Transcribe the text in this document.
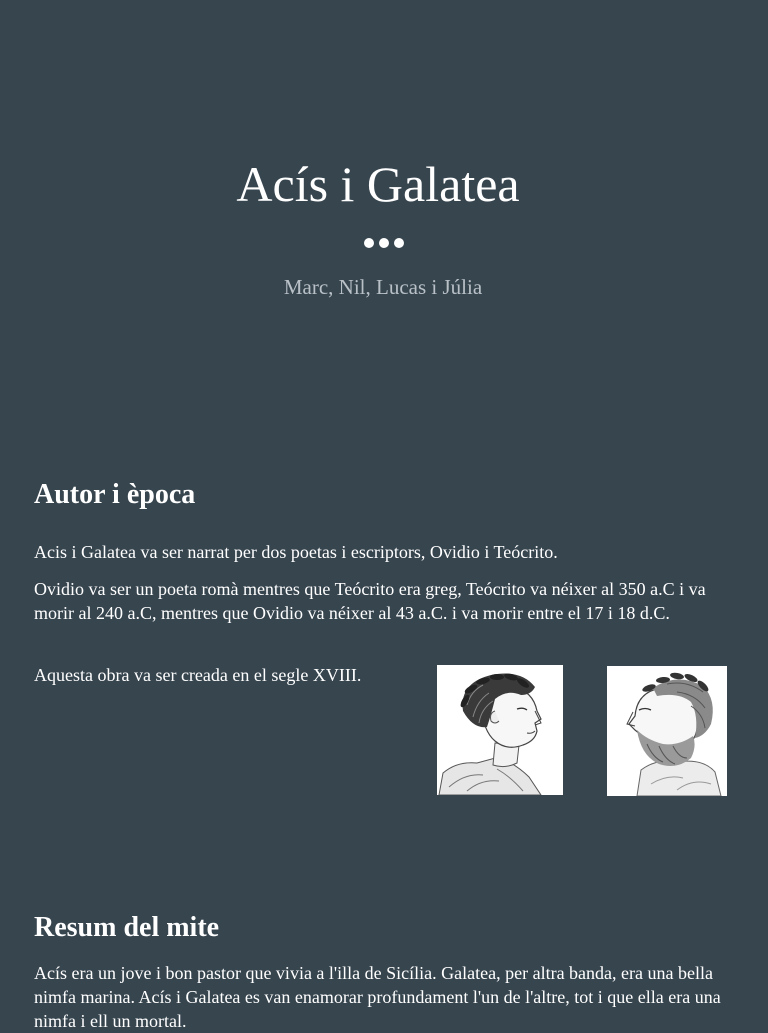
Acís i Galatea
Marc, Nil, Lucas i Júlia
Autor i època

Acis i Galatea va ser narrat per dos poetas i escriptors, Ovidio i Teócrito.

Ovidio va ser un poeta romà mentres que Teócrito era greg, Teócrito va néixer al 350 a.C i va morir al 240 a.C, mentres que Ovidio va néixer al 43 a.C. i va morir entre el 17 i 18 d.C.

Aquesta obra va ser creada en el segle XVIII.

Resum del mite

Acís era un jove i bon pastor que vivia a l'illa de Sicília. Galatea, per altra banda, era una bella nimfa marina. Acís i Galatea es van enamorar profundament l'un de l'altre, tot i que ella era una nimfa i ell un mortal.
